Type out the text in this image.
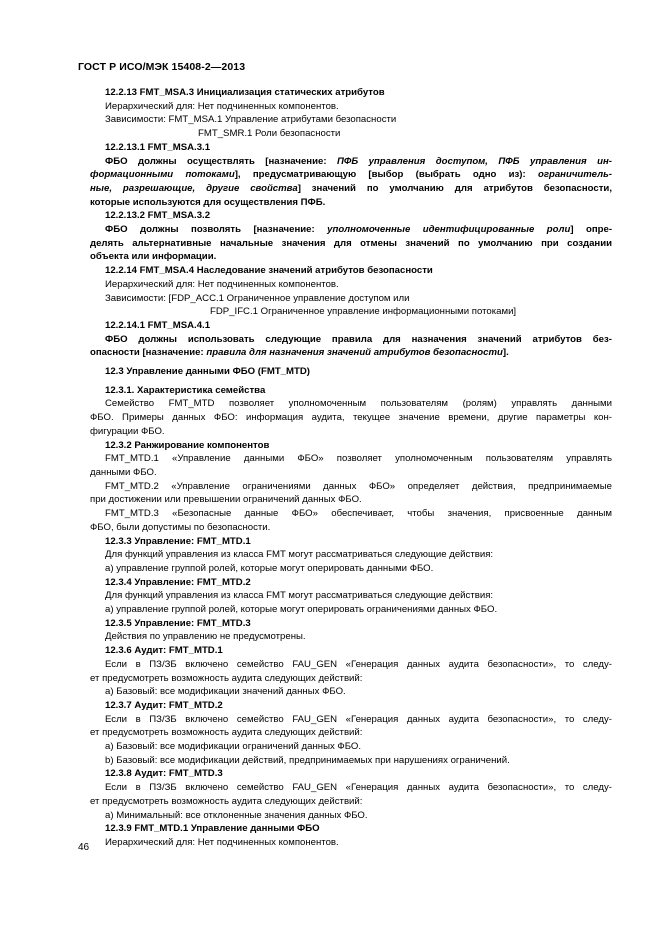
ГОСТ Р ИСО/МЭК 15408-2—2013
12.2.13 FMT_MSA.3 Инициализация статических атрибутов
Иерархический для: Нет подчиненных компонентов.
Зависимости: FMT_MSA.1 Управление атрибутами безопасности
FMT_SMR.1 Роли безопасности
12.2.13.1 FMT_MSA.3.1
ФБО должны осуществлять [назначение: ПФБ управления доступом, ПФБ управления ин-
формационными потоками], предусматривающую [выбор (выбрать одно из): ограничитель-
ные, разрешающие, другие свойства] значений по умолчанию для атрибутов безопасности,
которые используются для осуществления ПФБ.
12.2.13.2 FMT_MSA.3.2
ФБО должны позволять [назначение: уполномоченные идентифицированные роли] опре-
делять альтернативные начальные значения для отмены значений по умолчанию при создании
объекта или информации.
12.2.14 FMT_MSA.4 Наследование значений атрибутов безопасности
Иерархический для: Нет подчиненных компонентов.
Зависимости: [FDP_ACC.1 Ограниченное управление доступом или
FDP_IFC.1 Ограниченное управление информационными потоками]
12.2.14.1 FMT_MSA.4.1
ФБО должны использовать следующие правила для назначения значений атрибутов без-
опасности [назначение: правила для назначения значений атрибутов безопасности].
12.3 Управление данными ФБО (FMT_MTD)
12.3.1. Характеристика семейства
Семейство FMT_MTD позволяет уполномоченным пользователям (ролям) управлять данными
ФБО. Примеры данных ФБО: информация аудита, текущее значение времени, другие параметры кон-
фигурации ФБО.
12.3.2 Ранжирование компонентов
FMT_MTD.1 «Управление данными ФБО» позволяет уполномоченным пользователям управлять
данными ФБО.
FMT_MTD.2 «Управление ограничениями данных ФБО» определяет действия, предпринимаемые
при достижении или превышении ограничений данных ФБО.
FMT_MTD.3 «Безопасные данные ФБО» обеспечивает, чтобы значения, присвоенные данным
ФБО, были допустимы по безопасности.
12.3.3 Управление: FMT_MTD.1
Для функций управления из класса FMT могут рассматриваться следующие действия:
а) управление группой ролей, которые могут оперировать данными ФБО.
12.3.4 Управление: FMT_MTD.2
Для функций управления из класса FMT могут рассматриваться следующие действия:
а) управление группой ролей, которые могут оперировать ограничениями данных ФБО.
12.3.5 Управление: FMT_MTD.3
Действия по управлению не предусмотрены.
12.3.6 Аудит: FMT_MTD.1
Если в ПЗ/ЗБ включено семейство FAU_GEN «Генерация данных аудита безопасности», то следу-
ет предусмотреть возможность аудита следующих действий:
а) Базовый: все модификации значений данных ФБО.
12.3.7 Аудит: FMT_MTD.2
Если в ПЗ/ЗБ включено семейство FAU_GEN «Генерация данных аудита безопасности», то следу-
ет предусмотреть возможность аудита следующих действий:
а) Базовый: все модификации ограничений данных ФБО.
b) Базовый: все модификации действий, предпринимаемых при нарушениях ограничений.
12.3.8 Аудит: FMT_MTD.3
Если в ПЗ/ЗБ включено семейство FAU_GEN «Генерация данных аудита безопасности», то следу-
ет предусмотреть возможность аудита следующих действий:
а) Минимальный: все отклоненные значения данных ФБО.
12.3.9 FMT_MTD.1 Управление данными ФБО
Иерархический для: Нет подчиненных компонентов.
46
